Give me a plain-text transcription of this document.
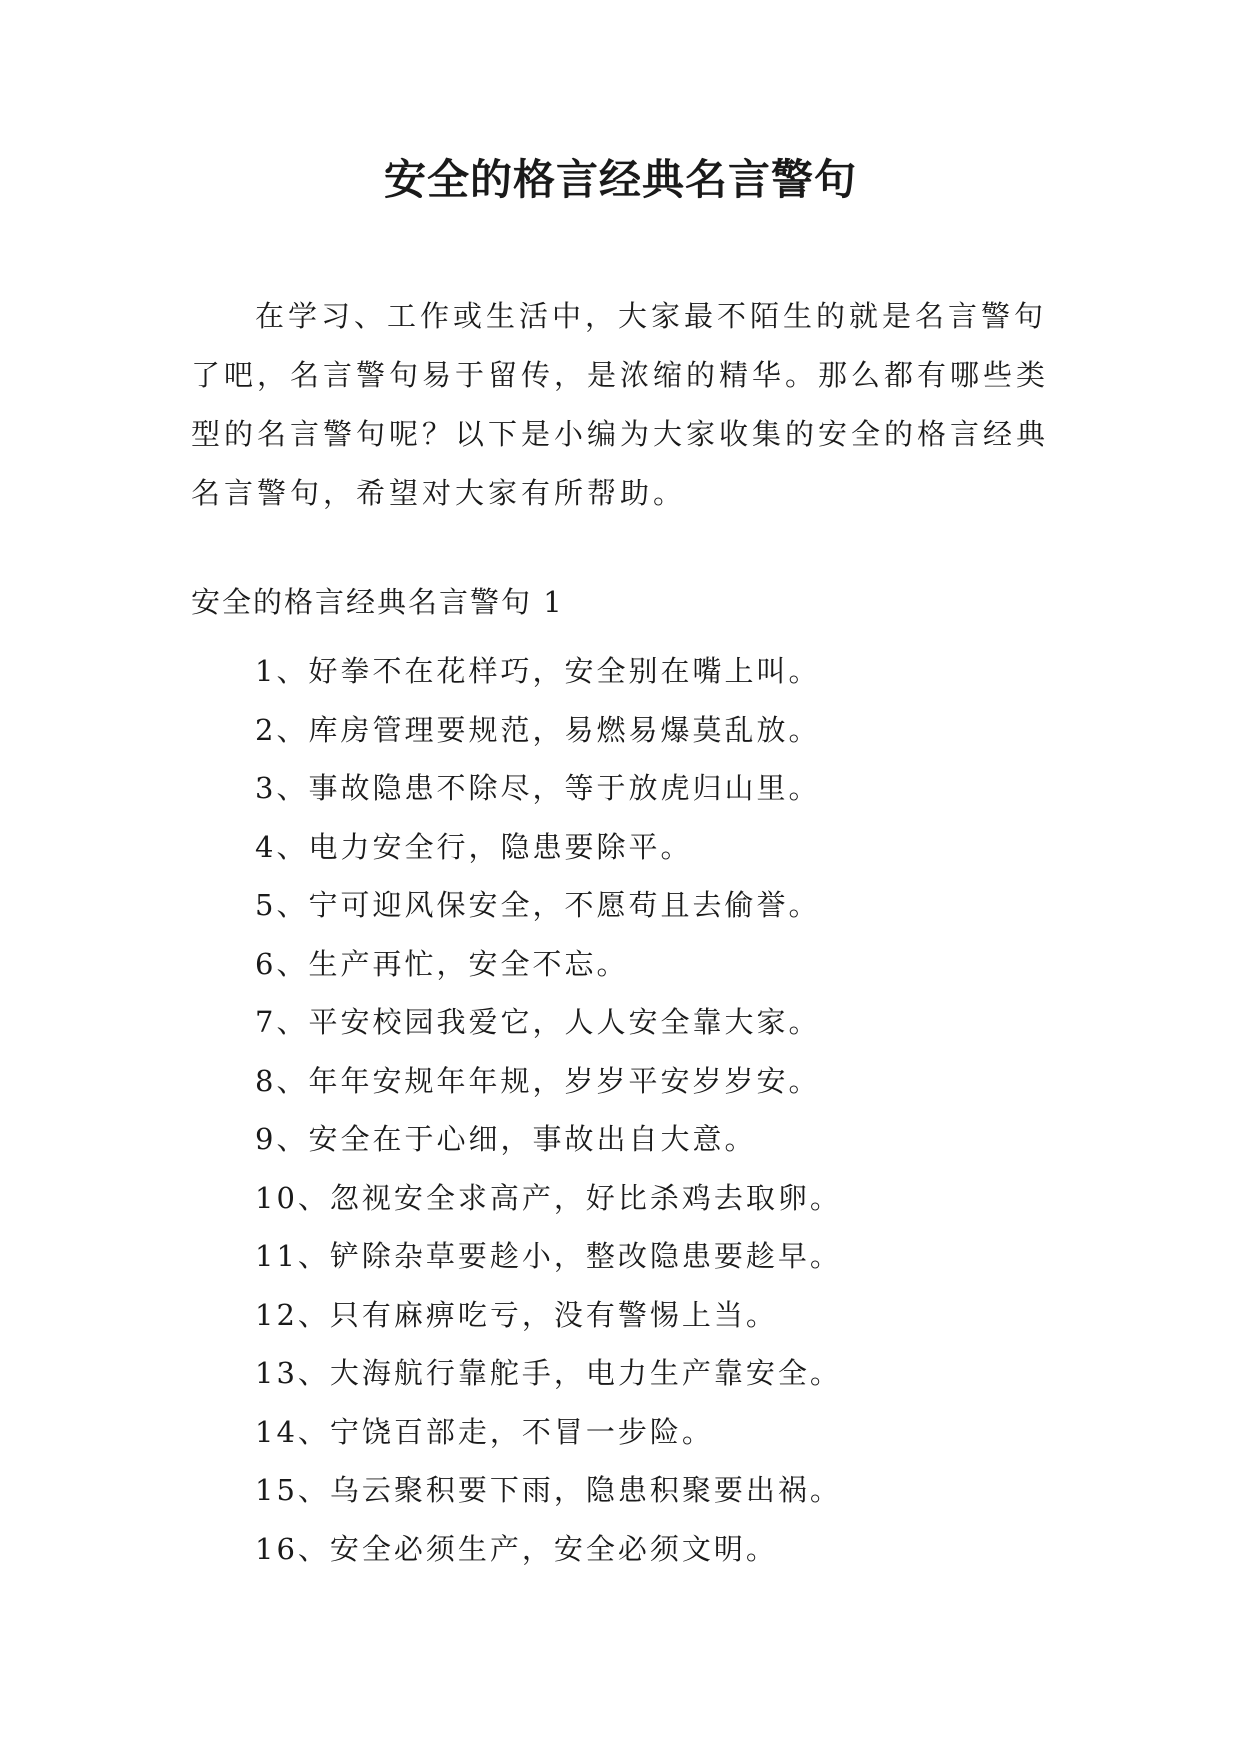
安全的格言经典名言警句

在学习、工作或生活中，大家最不陌生的就是名言警句了吧，名言警句易于留传，是浓缩的精华。那么都有哪些类型的名言警句呢？以下是小编为大家收集的安全的格言经典名言警句，希望对大家有所帮助。

安全的格言经典名言警句 1
1、好拳不在花样巧，安全别在嘴上叫。
2、库房管理要规范，易燃易爆莫乱放。
3、事故隐患不除尽，等于放虎归山里。
4、电力安全行，隐患要除平。
5、宁可迎风保安全，不愿苟且去偷誉。
6、生产再忙，安全不忘。
7、平安校园我爱它，人人安全靠大家。
8、年年安规年年规，岁岁平安岁岁安。
9、安全在于心细，事故出自大意。
10、忽视安全求高产，好比杀鸡去取卵。
11、铲除杂草要趁小，整改隐患要趁早。
12、只有麻痹吃亏，没有警惕上当。
13、大海航行靠舵手，电力生产靠安全。
14、宁饶百部走，不冒一步险。
15、乌云聚积要下雨，隐患积聚要出祸。
16、安全必须生产，安全必须文明。
